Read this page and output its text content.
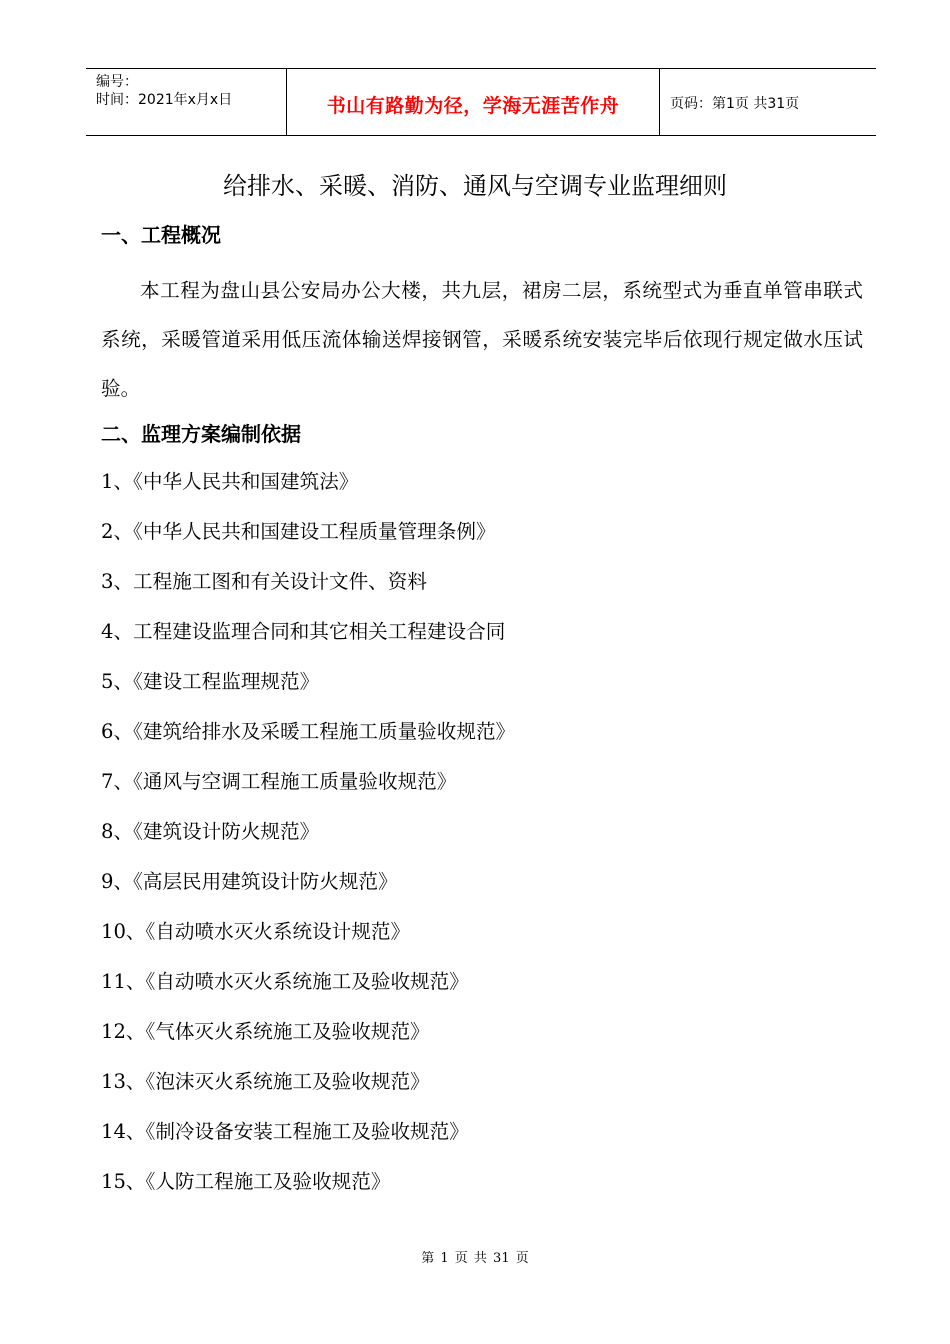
编号：
时间：2021年x月x日	书山有路勤为径，学海无涯苦作舟	页码：第1页 共31页
给排水、采暖、消防、通风与空调专业监理细则
一、工程概况
本工程为盘山县公安局办公大楼，共九层，裙房二层，系统型式为垂直单管串联式系统，采暖管道采用低压流体输送焊接钢管，采暖系统安装完毕后依现行规定做水压试验。
二、监理方案编制依据
1、《中华人民共和国建筑法》
2、《中华人民共和国建设工程质量管理条例》
3、工程施工图和有关设计文件、资料
4、工程建设监理合同和其它相关工程建设合同
5、《建设工程监理规范》
6、《建筑给排水及采暖工程施工质量验收规范》
7、《通风与空调工程施工质量验收规范》
8、《建筑设计防火规范》
9、《高层民用建筑设计防火规范》
10、《自动喷水灭火系统设计规范》
11、《自动喷水灭火系统施工及验收规范》
12、《气体灭火系统施工及验收规范》
13、《泡沫灭火系统施工及验收规范》
14、《制冷设备安装工程施工及验收规范》
15、《人防工程施工及验收规范》
第 1 页 共 31 页
